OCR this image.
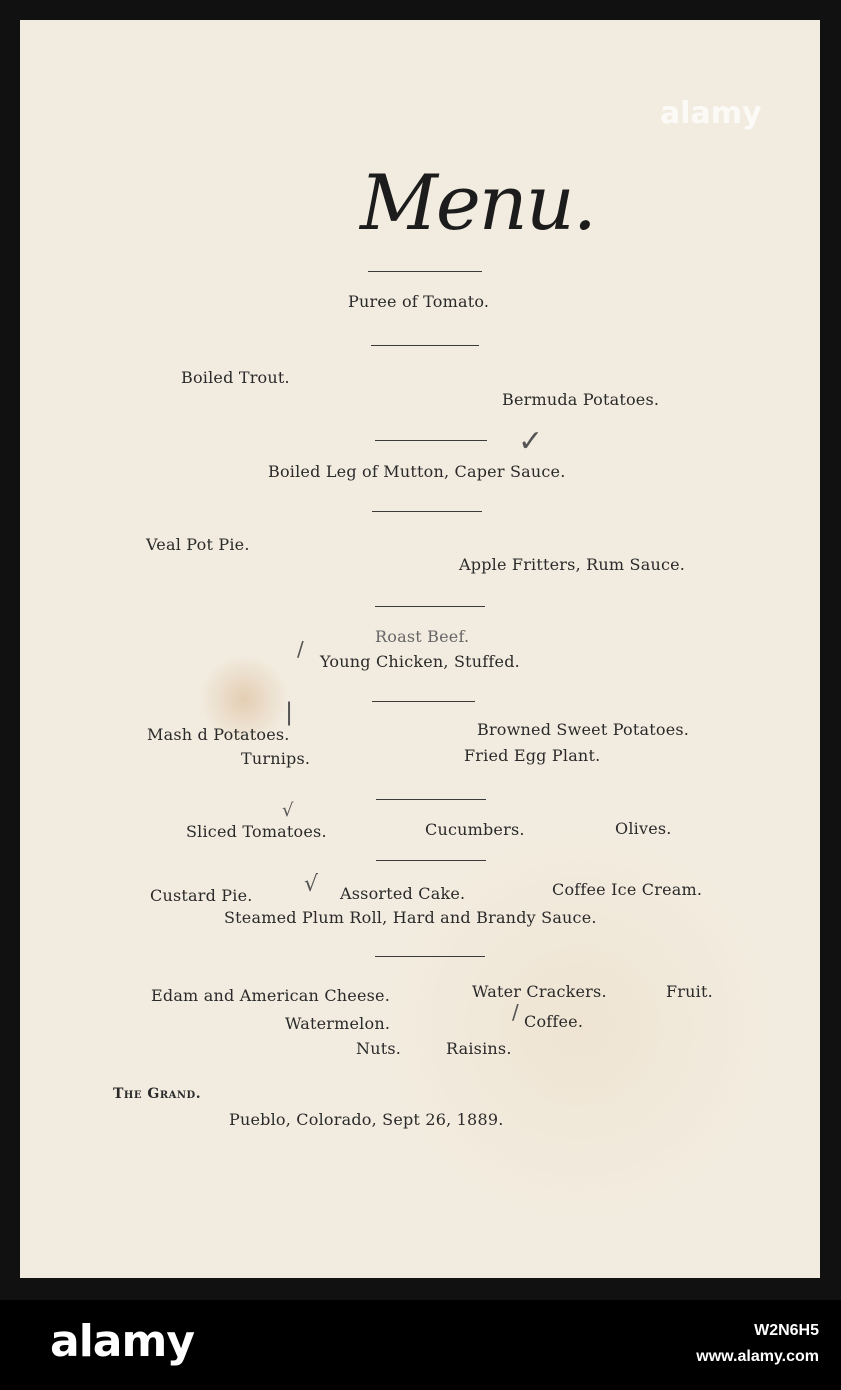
Menu.
Puree of Tomato.
Boiled Trout.
Bermuda Potatoes.
✓
Boiled Leg of Mutton, Caper Sauce.
Veal Pot Pie.
Apple Fritters, Rum Sauce.
Roast Beef.
/
Young Chicken, Stuffed.
|
Mash d Potatoes.
Turnips.
Browned Sweet Potatoes.
Fried Egg Plant.
√
Sliced Tomatoes.	Cucumbers.	Olives.
Custard Pie. √ Assorted Cake.	Coffee Ice Cream.
Steamed Plum Roll, Hard and Brandy Sauce.
Edam and American Cheese.	Water Crackers.	Fruit.
Watermelon.	/ Coffee.
Nuts.	Raisins.
The Grand.
Pueblo, Colorado, Sept 26, 1889.
alamy
alamy	W2N6H5
www.alamy.com
